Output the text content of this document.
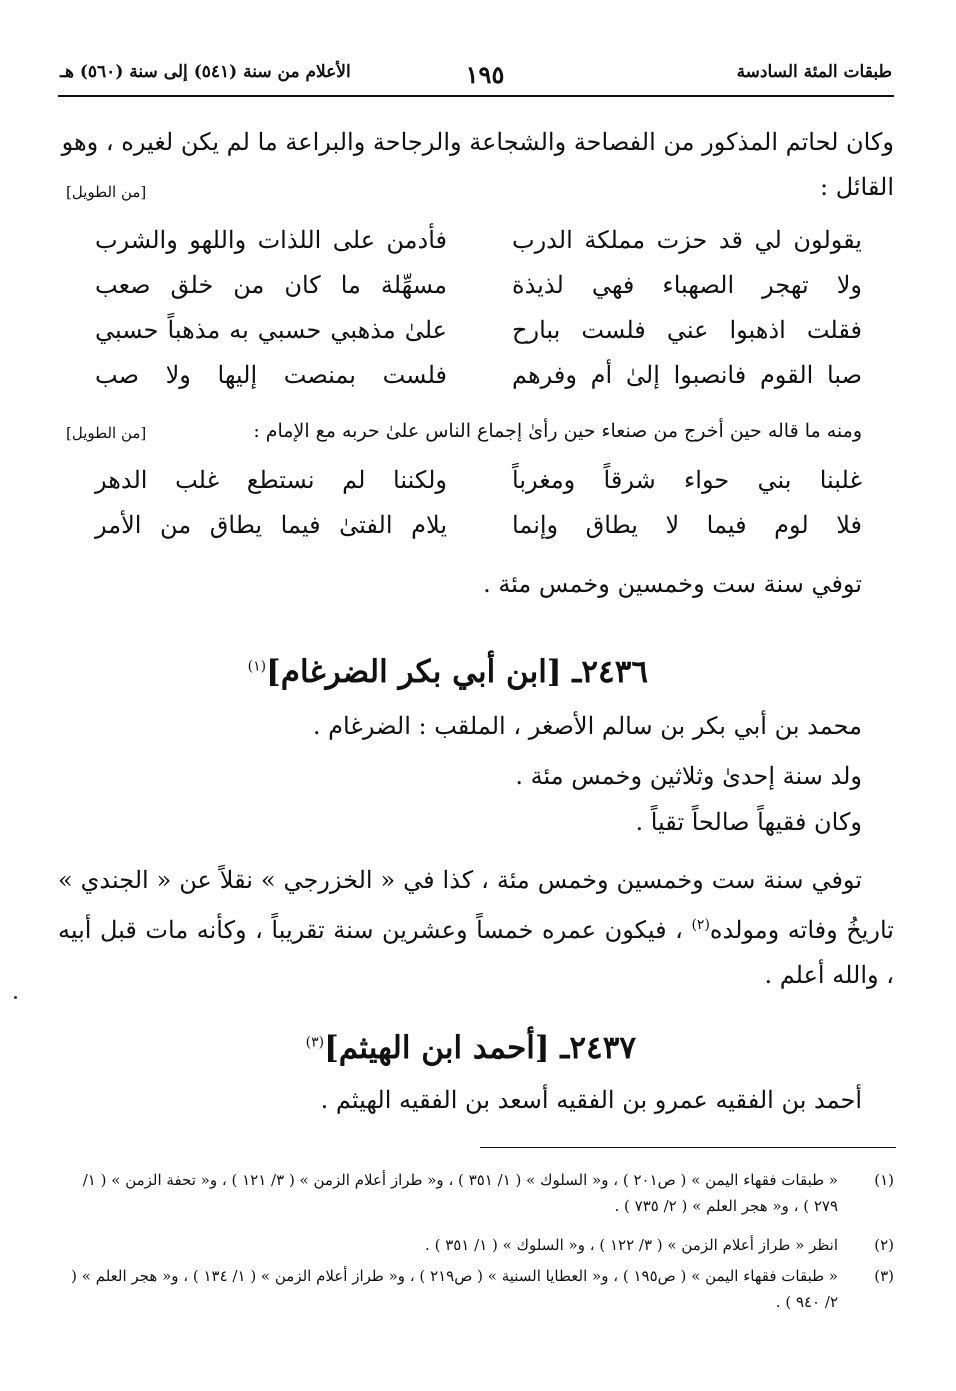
طبقات المئة السادسة
١٩٥
الأعلام من سنة (٥٤١) إلى سنة (٥٦٠) هـ
وكان لحاتم المذكور من الفصاحة والشجاعة والرجاحة والبراعة ما لم يكن لغيره ، وهو
القائل :
[من الطويل]
يقولون لي قد حزت مملكة الدرب
فأدمن على اللذات واللهو والشرب
ولا تهجر الصهباء فهي لذيذة
مسهِّلة ما كان من خلق صعب
فقلت اذهبوا عني فلست ببارح
علىٰ مذهبي حسبي به مذهباً حسبي
صبا القوم فانصبوا إلىٰ أم وفرهم
فلست بمنصت إليها ولا صب
ومنه ما قاله حين أخرج من صنعاء حين رأىٰ إجماع الناس علىٰ حربه مع الإمام :
[من الطويل]
غلبنا بني حواء شرقاً ومغرباً
ولكننا لم نستطع غلب الدهر
فلا لوم فيما لا يطاق وإنما
يلام الفتىٰ فيما يطاق من الأمر
توفي سنة ست وخمسين وخمس مئة .
٢٤٣٦ـ [ابن أبي بكر الضرغام]$^{(١)}$
محمد بن أبي بكر بن سالم الأصغر ، الملقب : الضرغام .
ولد سنة إحدىٰ وثلاثين وخمس مئة .
وكان فقيهاً صالحاً تقياً .
توفي سنة ست وخمسين وخمس مئة ، كذا في « الخزرجي » نقلاً عن « الجندي » تاريخُ وفاته ومولده$^{(٢)}$ ، فيكون عمره خمساً وعشرين سنة تقريباً ، وكأنه مات قبل أبيه ، والله أعلم .
٢٤٣٧ـ [أحمد ابن الهيثم]$^{(٣)}$
أحمد بن الفقيه عمرو بن الفقيه أسعد بن الفقيه الهيثم .
(١)
« طبقات فقهاء اليمن » ( ص٢٠١ ) ، و« السلوك » ( ١/ ٣٥١ ) ، و« طراز أعلام الزمن » ( ٣/ ١٢١ ) ، و« تحفة الزمن » ( ١/ ٢٧٩ ) ، و« هجر العلم » ( ٢/ ٧٣٥ ) .
(٢)
انظر « طراز أعلام الزمن » ( ٣/ ١٢٢ ) ، و« السلوك » ( ١/ ٣٥١ ) .
(٣)
« طبقات فقهاء اليمن » ( ص١٩٥ ) ، و« العطايا السنية » ( ص٢١٩ ) ، و« طراز أعلام الزمن » ( ١/ ١٣٤ ) ، و« هجر العلم » ( ٢/ ٩٤٠ ) .
